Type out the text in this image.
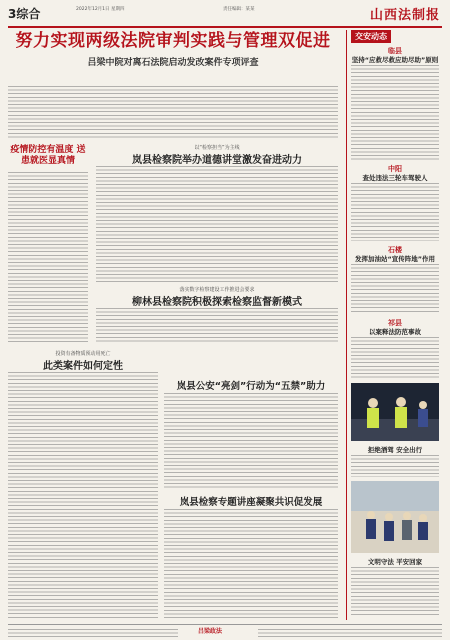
3综合	2022年12月1日 星期四	责任编辑：某某	山西法制报
努力实现两级法院审判实践与管理双促进
吕梁中院对离石法院启动发改案件专项评查
疫情防控有温度 送患就医显真情
以“检察担当”为主线
岚县检察院举办道德讲堂激发奋进动力
落实数字检察建设工作推进会要求
柳林县检察院积极探索检察监督新模式
投资有备物质预动用死亡
此类案件如何定性
岚县公安“亮剑”行动为“五禁”助力
岚县检察专题讲座凝聚共识促发展
交安动态
临县
坚持“应救尽救应助尽助”原则
中阳
查处违法三轮车驾驶人
石楼
发挥加油站“宣传阵地”作用
祁县
以案释法防范事故
拒绝酒驾 安全出行
文明守法 平安回家
吕梁政法
